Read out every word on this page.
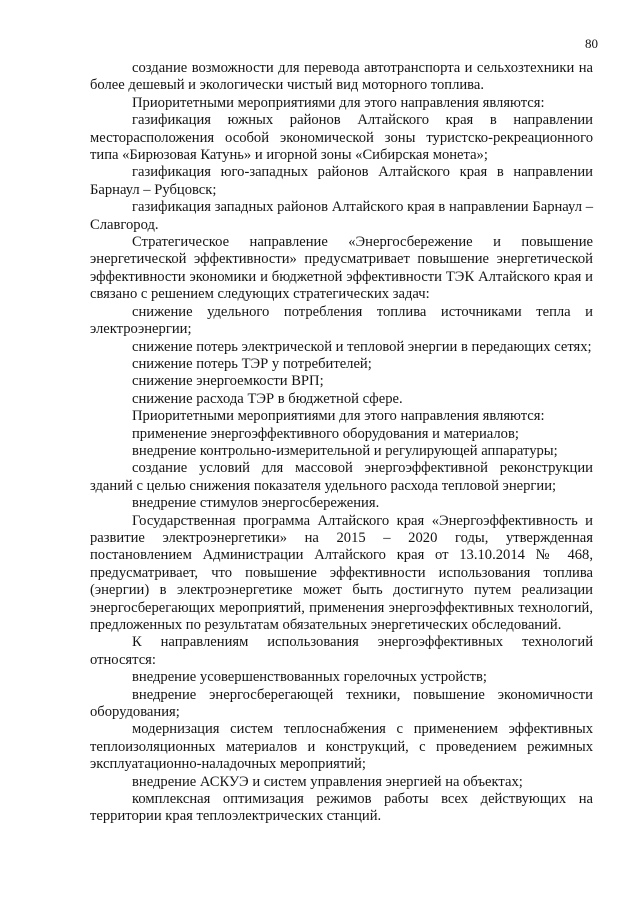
80

создание возможности для перевода автотранспорта и сельхозтехники на более дешевый и экологически чистый вид моторного топлива.

Приоритетными мероприятиями для этого направления являются:

газификация южных районов Алтайского края в направлении месторасположения особой экономической зоны туристско-рекреационного типа «Бирюзовая Катунь» и игорной зоны «Сибирская монета»;

газификация юго-западных районов Алтайского края в направлении Барнаул – Рубцовск;

газификация западных районов Алтайского края в направлении Барнаул – Славгород.

Стратегическое направление «Энергосбережение и повышение энергетической эффективности» предусматривает повышение энергетической эффективности экономики и бюджетной эффективности ТЭК Алтайского края и связано с решением следующих стратегических задач:

снижение удельного потребления топлива источниками тепла и электроэнергии;

снижение потерь электрической и тепловой энергии в передающих сетях;

снижение потерь ТЭР у потребителей;

снижение энергоемкости ВРП;

снижение расхода ТЭР в бюджетной сфере.

Приоритетными мероприятиями для этого направления являются:

применение энергоэффективного оборудования и материалов;

внедрение контрольно-измерительной и регулирующей аппаратуры;

создание условий для массовой энергоэффективной реконструкции зданий с целью снижения показателя удельного расхода тепловой энергии;

внедрение стимулов энергосбережения.

Государственная программа Алтайского края «Энергоэффективность и развитие электроэнергетики» на 2015 – 2020 годы, утвержденная постановлением Администрации Алтайского края от 13.10.2014 № 468, предусматривает, что повышение эффективности использования топлива (энергии) в электроэнергетике может быть достигнуто путем реализации энергосберегающих мероприятий, применения энергоэффективных технологий, предложенных по результатам обязательных энергетических обследований.

К направлениям использования энергоэффективных технологий относятся:

внедрение усовершенствованных горелочных устройств;

внедрение энергосберегающей техники, повышение экономичности оборудования;

модернизация систем теплоснабжения с применением эффективных теплоизоляционных материалов и конструкций, с проведением режимных эксплуатационно-наладочных мероприятий;

внедрение АСКУЭ и систем управления энергией на объектах;

комплексная оптимизация режимов работы всех действующих на территории края теплоэлектрических станций.
